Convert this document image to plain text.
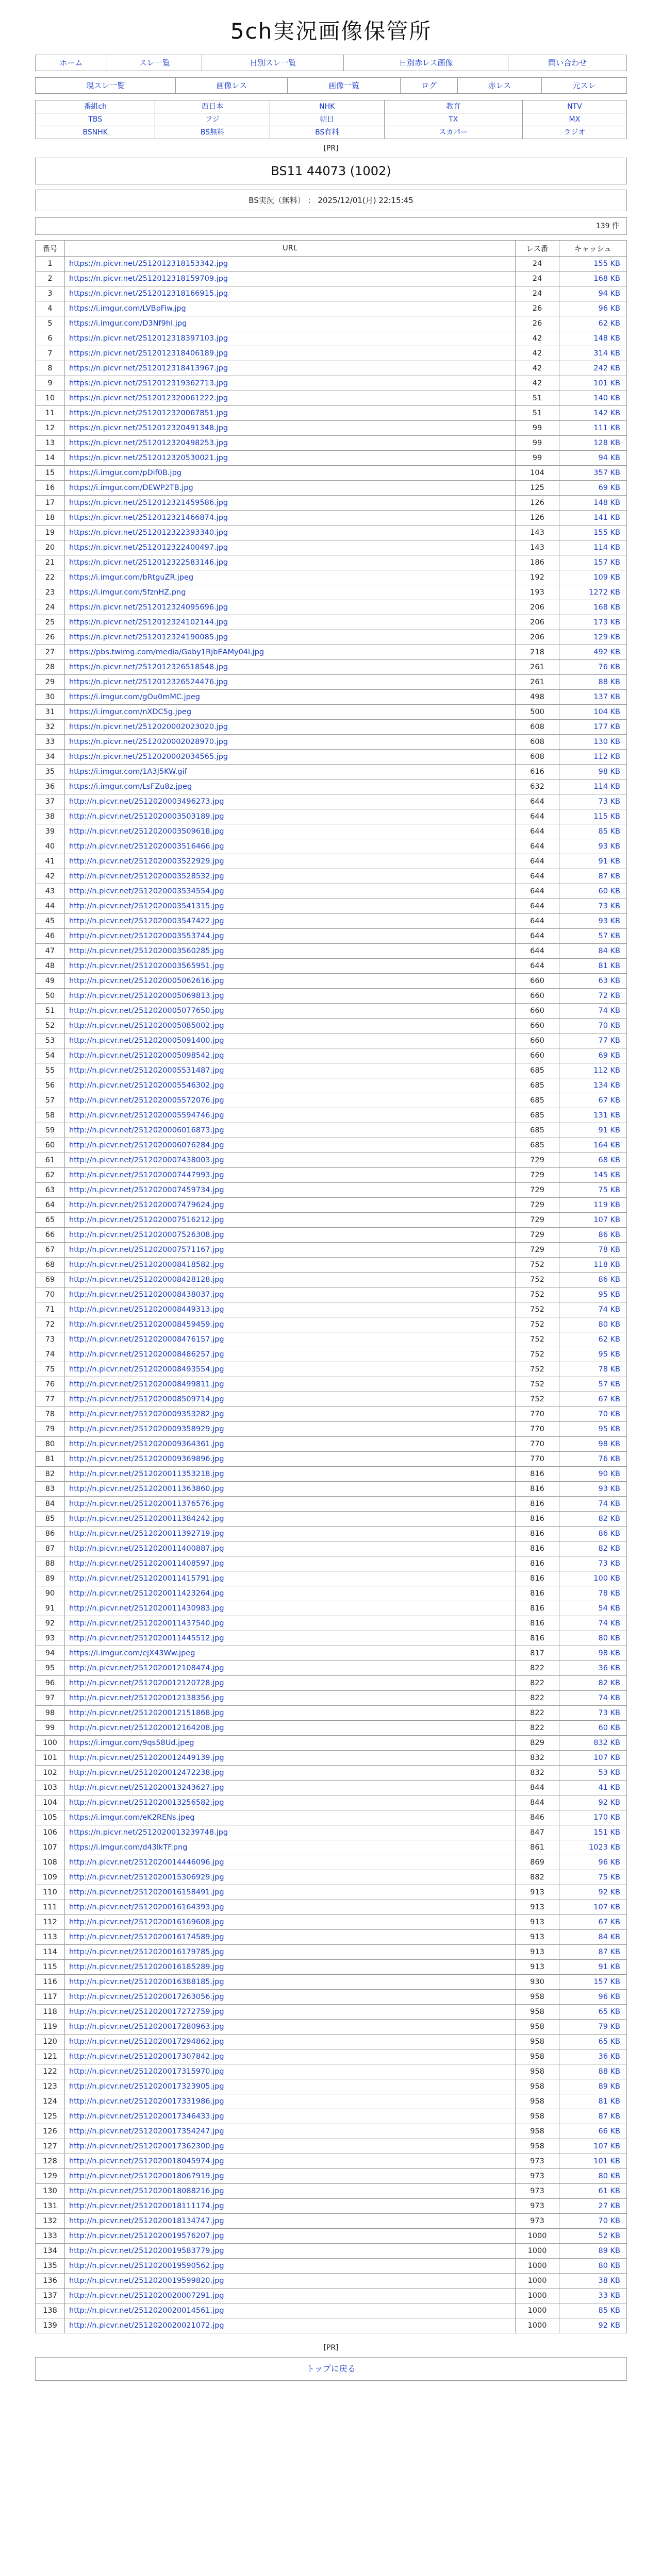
5ch実況画像保管所
ホーム	スレ一覧	日別スレ一覧	日別赤レス画像	問い合わせ
現スレ一覧	画像レス	画像一覧	ログ	赤レス	元スレ
番組ch	西日本	NHK	教育	NTV

TBS	フジ	朝日	TX	MX

BSNHK	BS無料	BS有料	スカパー	ラジオ
[PR]
BS11 44073 (1002)
BS実況（無料） ： 2025/12/01(月) 22:15:45
139 件
番号	URL	レス番	キャッシュ
1	https://n.picvr.net/2512012318153342.jpg	24	155 KB
2	https://n.picvr.net/2512012318159709.jpg	24	168 KB
3	https://n.picvr.net/2512012318166915.jpg	24	94 KB
4	https://i.imgur.com/LVBpFiw.jpg	26	96 KB
5	https://i.imgur.com/D3Nf9hI.jpg	26	62 KB
6	https://n.picvr.net/2512012318397103.jpg	42	148 KB
7	https://n.picvr.net/2512012318406189.jpg	42	314 KB
8	https://n.picvr.net/2512012318413967.jpg	42	242 KB
9	https://n.picvr.net/2512012319362713.jpg	42	101 KB
10	https://n.picvr.net/2512012320061222.jpg	51	140 KB
11	https://n.picvr.net/2512012320067851.jpg	51	142 KB
12	https://n.picvr.net/2512012320491348.jpg	99	111 KB
13	https://n.picvr.net/2512012320498253.jpg	99	128 KB
14	https://n.picvr.net/2512012320530021.jpg	99	94 KB
15	https://i.imgur.com/pDif0B.jpg	104	357 KB
16	https://i.imgur.com/DEWP2TB.jpg	125	69 KB
17	https://n.picvr.net/2512012321459586.jpg	126	148 KB
18	https://n.picvr.net/2512012321466874.jpg	126	141 KB
19	https://n.picvr.net/2512012322393340.jpg	143	155 KB
20	https://n.picvr.net/2512012322400497.jpg	143	114 KB
21	https://n.picvr.net/2512012322583146.jpg	186	157 KB
22	https://i.imgur.com/bRtguZR.jpeg	192	109 KB
23	https://i.imgur.com/5fznHZ.png	193	1272 KB
24	https://n.picvr.net/2512012324095696.jpg	206	168 KB
25	https://n.picvr.net/2512012324102144.jpg	206	173 KB
26	https://n.picvr.net/2512012324190085.jpg	206	129 KB
27	https://pbs.twimg.com/media/Gaby1RjbEAMy04l.jpg	218	492 KB
28	https://n.picvr.net/2512012326518548.jpg	261	76 KB
29	https://n.picvr.net/2512012326524476.jpg	261	88 KB
30	https://i.imgur.com/gOu0mMC.jpeg	498	137 KB
31	https://i.imgur.com/nXDC5g.jpeg	500	104 KB
32	https://n.picvr.net/2512020002023020.jpg	608	177 KB
33	https://n.picvr.net/2512020002028970.jpg	608	130 KB
34	https://n.picvr.net/2512020002034565.jpg	608	112 KB
35	https://i.imgur.com/1A3J5KW.gif	616	98 KB
36	https://i.imgur.com/LsFZu8z.jpeg	632	114 KB
37	http://n.picvr.net/2512020003496273.jpg	644	73 KB
38	http://n.picvr.net/2512020003503189.jpg	644	115 KB
39	http://n.picvr.net/2512020003509618.jpg	644	85 KB
40	http://n.picvr.net/2512020003516466.jpg	644	93 KB
41	http://n.picvr.net/2512020003522929.jpg	644	91 KB
42	http://n.picvr.net/2512020003528532.jpg	644	87 KB
43	http://n.picvr.net/2512020003534554.jpg	644	60 KB
44	http://n.picvr.net/2512020003541315.jpg	644	73 KB
45	http://n.picvr.net/2512020003547422.jpg	644	93 KB
46	http://n.picvr.net/2512020003553744.jpg	644	57 KB
47	http://n.picvr.net/2512020003560285.jpg	644	84 KB
48	http://n.picvr.net/2512020003565951.jpg	644	81 KB
49	http://n.picvr.net/2512020005062616.jpg	660	63 KB
50	http://n.picvr.net/2512020005069813.jpg	660	72 KB
51	http://n.picvr.net/2512020005077650.jpg	660	74 KB
52	http://n.picvr.net/2512020005085002.jpg	660	70 KB
53	http://n.picvr.net/2512020005091400.jpg	660	77 KB
54	http://n.picvr.net/2512020005098542.jpg	660	69 KB
55	http://n.picvr.net/2512020005531487.jpg	685	112 KB
56	http://n.picvr.net/2512020005546302.jpg	685	134 KB
57	http://n.picvr.net/2512020005572076.jpg	685	67 KB
58	http://n.picvr.net/2512020005594746.jpg	685	131 KB
59	http://n.picvr.net/2512020006016873.jpg	685	91 KB
60	http://n.picvr.net/2512020006076284.jpg	685	164 KB
61	http://n.picvr.net/2512020007438003.jpg	729	68 KB
62	http://n.picvr.net/2512020007447993.jpg	729	145 KB
63	http://n.picvr.net/2512020007459734.jpg	729	75 KB
64	http://n.picvr.net/2512020007479624.jpg	729	119 KB
65	http://n.picvr.net/2512020007516212.jpg	729	107 KB
66	http://n.picvr.net/2512020007526308.jpg	729	86 KB
67	http://n.picvr.net/2512020007571167.jpg	729	78 KB
68	http://n.picvr.net/2512020008418582.jpg	752	118 KB
69	http://n.picvr.net/2512020008428128.jpg	752	86 KB
70	http://n.picvr.net/2512020008438037.jpg	752	95 KB
71	http://n.picvr.net/2512020008449313.jpg	752	74 KB
72	http://n.picvr.net/2512020008459459.jpg	752	80 KB
73	http://n.picvr.net/2512020008476157.jpg	752	62 KB
74	http://n.picvr.net/2512020008486257.jpg	752	95 KB
75	http://n.picvr.net/2512020008493554.jpg	752	78 KB
76	http://n.picvr.net/2512020008499811.jpg	752	57 KB
77	http://n.picvr.net/2512020008509714.jpg	752	67 KB
78	http://n.picvr.net/2512020009353282.jpg	770	70 KB
79	http://n.picvr.net/2512020009358929.jpg	770	95 KB
80	http://n.picvr.net/2512020009364361.jpg	770	98 KB
81	http://n.picvr.net/2512020009369896.jpg	770	76 KB
82	http://n.picvr.net/2512020011353218.jpg	816	90 KB
83	http://n.picvr.net/2512020011363860.jpg	816	93 KB
84	http://n.picvr.net/2512020011376576.jpg	816	74 KB
85	http://n.picvr.net/2512020011384242.jpg	816	82 KB
86	http://n.picvr.net/2512020011392719.jpg	816	86 KB
87	http://n.picvr.net/2512020011400887.jpg	816	82 KB
88	http://n.picvr.net/2512020011408597.jpg	816	73 KB
89	http://n.picvr.net/2512020011415791.jpg	816	100 KB
90	http://n.picvr.net/2512020011423264.jpg	816	78 KB
91	http://n.picvr.net/2512020011430983.jpg	816	54 KB
92	http://n.picvr.net/2512020011437540.jpg	816	74 KB
93	http://n.picvr.net/2512020011445512.jpg	816	80 KB
94	https://i.imgur.com/ejX43Ww.jpeg	817	98 KB
95	http://n.picvr.net/2512020012108474.jpg	822	36 KB
96	http://n.picvr.net/2512020012120728.jpg	822	82 KB
97	http://n.picvr.net/2512020012138356.jpg	822	74 KB
98	http://n.picvr.net/2512020012151868.jpg	822	73 KB
99	http://n.picvr.net/2512020012164208.jpg	822	60 KB
100	https://i.imgur.com/9qs58Ud.jpeg	829	832 KB
101	http://n.picvr.net/2512020012449139.jpg	832	107 KB
102	http://n.picvr.net/2512020012472238.jpg	832	53 KB
103	http://n.picvr.net/2512020013243627.jpg	844	41 KB
104	http://n.picvr.net/2512020013256582.jpg	844	92 KB
105	https://i.imgur.com/eK2RENs.jpeg	846	170 KB
106	https://n.picvr.net/2512020013239748.jpg	847	151 KB
107	https://i.imgur.com/d43lkTF.png	861	1023 KB
108	http://n.picvr.net/2512020014446096.jpg	869	96 KB
109	http://n.picvr.net/2512020015306929.jpg	882	75 KB
110	http://n.picvr.net/2512020016158491.jpg	913	92 KB
111	http://n.picvr.net/2512020016164393.jpg	913	107 KB
112	http://n.picvr.net/2512020016169608.jpg	913	67 KB
113	http://n.picvr.net/2512020016174589.jpg	913	84 KB
114	http://n.picvr.net/2512020016179785.jpg	913	87 KB
115	http://n.picvr.net/2512020016185289.jpg	913	91 KB
116	http://n.picvr.net/2512020016388185.jpg	930	157 KB
117	http://n.picvr.net/2512020017263056.jpg	958	96 KB
118	http://n.picvr.net/2512020017272759.jpg	958	65 KB
119	http://n.picvr.net/2512020017280963.jpg	958	79 KB
120	http://n.picvr.net/2512020017294862.jpg	958	65 KB
121	http://n.picvr.net/2512020017307842.jpg	958	36 KB
122	http://n.picvr.net/2512020017315970.jpg	958	88 KB
123	http://n.picvr.net/2512020017323905.jpg	958	89 KB
124	http://n.picvr.net/2512020017331986.jpg	958	81 KB
125	http://n.picvr.net/2512020017346433.jpg	958	87 KB
126	http://n.picvr.net/2512020017354247.jpg	958	66 KB
127	http://n.picvr.net/2512020017362300.jpg	958	107 KB
128	http://n.picvr.net/2512020018045974.jpg	973	101 KB
129	http://n.picvr.net/2512020018067919.jpg	973	80 KB
130	http://n.picvr.net/2512020018088216.jpg	973	61 KB
131	http://n.picvr.net/2512020018111174.jpg	973	27 KB
132	http://n.picvr.net/2512020018134747.jpg	973	70 KB
133	http://n.picvr.net/2512020019576207.jpg	1000	52 KB
134	http://n.picvr.net/2512020019583779.jpg	1000	89 KB
135	http://n.picvr.net/2512020019590562.jpg	1000	80 KB
136	http://n.picvr.net/2512020019599820.jpg	1000	38 KB
137	http://n.picvr.net/2512020020007291.jpg	1000	33 KB
138	http://n.picvr.net/2512020020014561.jpg	1000	85 KB
139	http://n.picvr.net/2512020020021072.jpg	1000	92 KB
[PR]
トップに戻る
